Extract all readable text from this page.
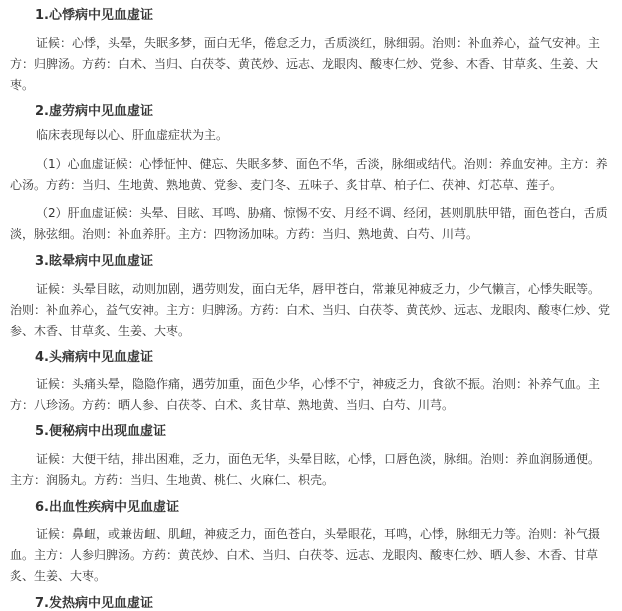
1.心悸病中见血虚证

证候：心悸，头晕，失眠多梦，面白无华，倦怠乏力，舌质淡红，脉细弱。治则：补血养心，益气安神。主方：归脾汤。方药：白术、当归、白茯苓、黄芪炒、远志、龙眼肉、酸枣仁炒、党参、木香、甘草炙、生姜、大枣。

2.虚劳病中见血虚证

临床表现每以心、肝血虚症状为主。

（1）心血虚证候：心悸怔忡、健忘、失眠多梦、面色不华，舌淡，脉细或结代。治则：养血安神。主方：养心汤。方药：当归、生地黄、熟地黄、党参、麦门冬、五味子、炙甘草、柏子仁、茯神、灯芯草、莲子。

（2）肝血虚证候：头晕、目眩、耳鸣、胁痛、惊惕不安、月经不调、经闭，甚则肌肤甲错，面色苍白，舌质淡，脉弦细。治则：补血养肝。主方：四物汤加味。方药：当归、熟地黄、白芍、川芎。

3.眩晕病中见血虚证

证候：头晕目眩，动则加剧，遇劳则发，面白无华，唇甲苍白，常兼见神疲乏力，少气懒言，心悸失眠等。治则：补血养心，益气安神。主方：归脾汤。方药：白术、当归、白茯苓、黄芪炒、远志、龙眼肉、酸枣仁炒、党参、木香、甘草炙、生姜、大枣。

4.头痛病中见血虚证

证候：头痛头晕，隐隐作痛，遇劳加重，面色少华，心悸不宁，神疲乏力，食欲不振。治则：补养气血。主方：八珍汤。方药：晒人参、白茯苓、白术、炙甘草、熟地黄、当归、白芍、川芎。

5.便秘病中出现血虚证

证候：大便干结，排出困难，乏力，面色无华，头晕目眩，心悸，口唇色淡，脉细。治则：养血润肠通便。主方：润肠丸。方药：当归、生地黄、桃仁、火麻仁、枳壳。

6.出血性疾病中见血虚证

证候：鼻衄，或兼齿衄、肌衄，神疲乏力，面色苍白，头晕眼花，耳鸣，心悸，脉细无力等。治则：补气摄血。主方：人参归脾汤。方药：黄芪炒、白术、当归、白茯苓、远志、龙眼肉、酸枣仁炒、晒人参、木香、甘草炙、生姜、大枣。

7.发热病中见血虚证
